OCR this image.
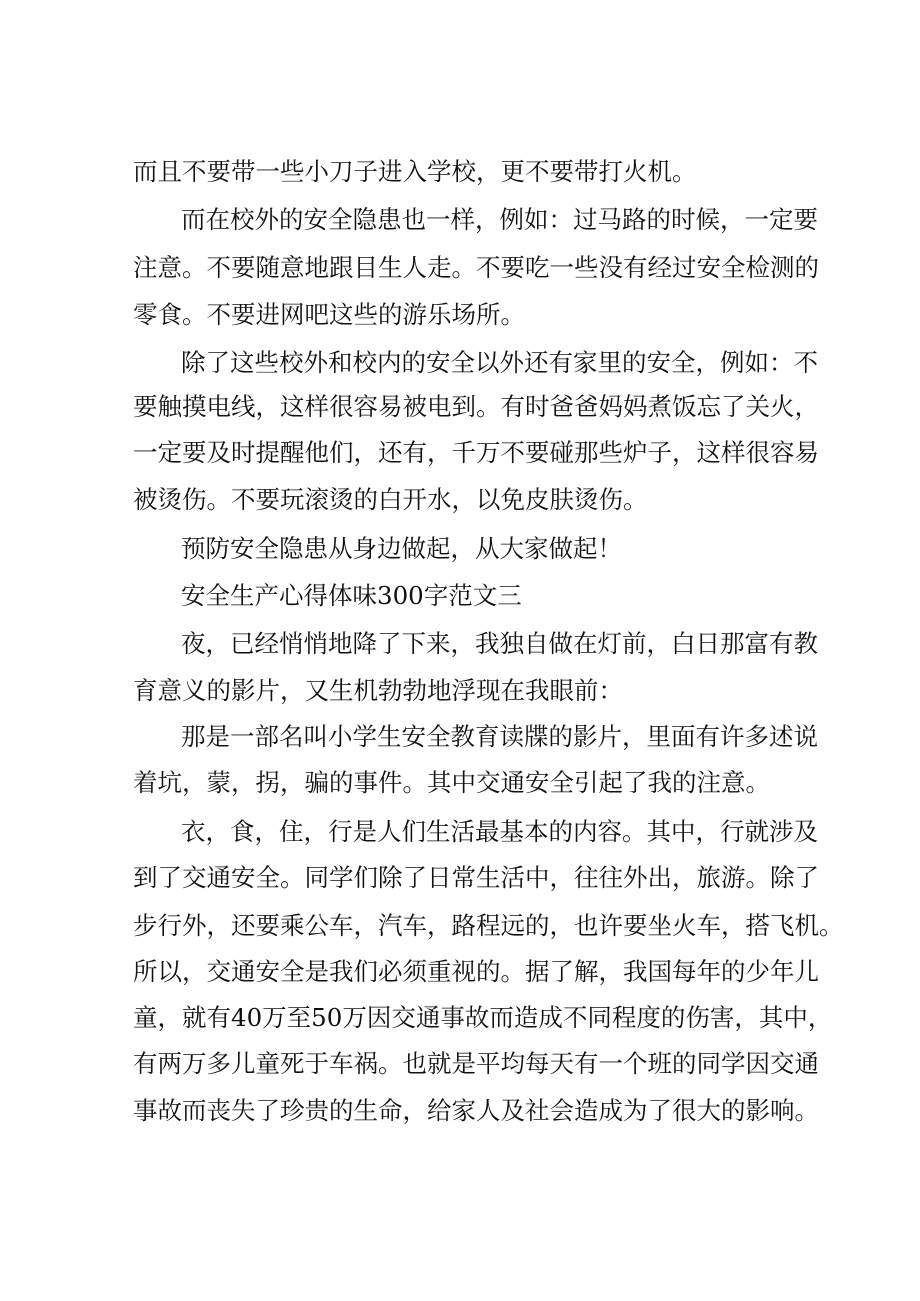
而且不要带一些小刀子进入学校，更不要带打火机。

而在校外的安全隐患也一样，例如：过马路的时候，一定要

注意。不要随意地跟目生人走。不要吃一些没有经过安全检测的

零食。不要进网吧这些的游乐场所。

除了这些校外和校内的安全以外还有家里的安全，例如：不

要触摸电线，这样很容易被电到。有时爸爸妈妈煮饭忘了关火，

一定要及时提醒他们，还有，千万不要碰那些炉子，这样很容易

被烫伤。不要玩滚烫的白开水，以免皮肤烫伤。

预防安全隐患从身边做起，从大家做起！

安全生产心得体味300字范文三

夜，已经悄悄地降了下来，我独自做在灯前，白日那富有教

育意义的影片，又生机勃勃地浮现在我眼前：

那是一部名叫小学生安全教育读牒的影片，里面有许多述说

着坑，蒙，拐，骗的事件。其中交通安全引起了我的注意。

衣，食，住，行是人们生活最基本的内容。其中，行就涉及

到了交通安全。同学们除了日常生活中，往往外出，旅游。除了

步行外，还要乘公车，汽车，路程远的，也许要坐火车，搭飞机。

所以，交通安全是我们必须重视的。据了解，我国每年的少年儿

童，就有40万至50万因交通事故而造成不同程度的伤害，其中，

有两万多儿童死于车祸。也就是平均每天有一个班的同学因交通

事故而丧失了珍贵的生命，给家人及社会造成为了很大的影响。
